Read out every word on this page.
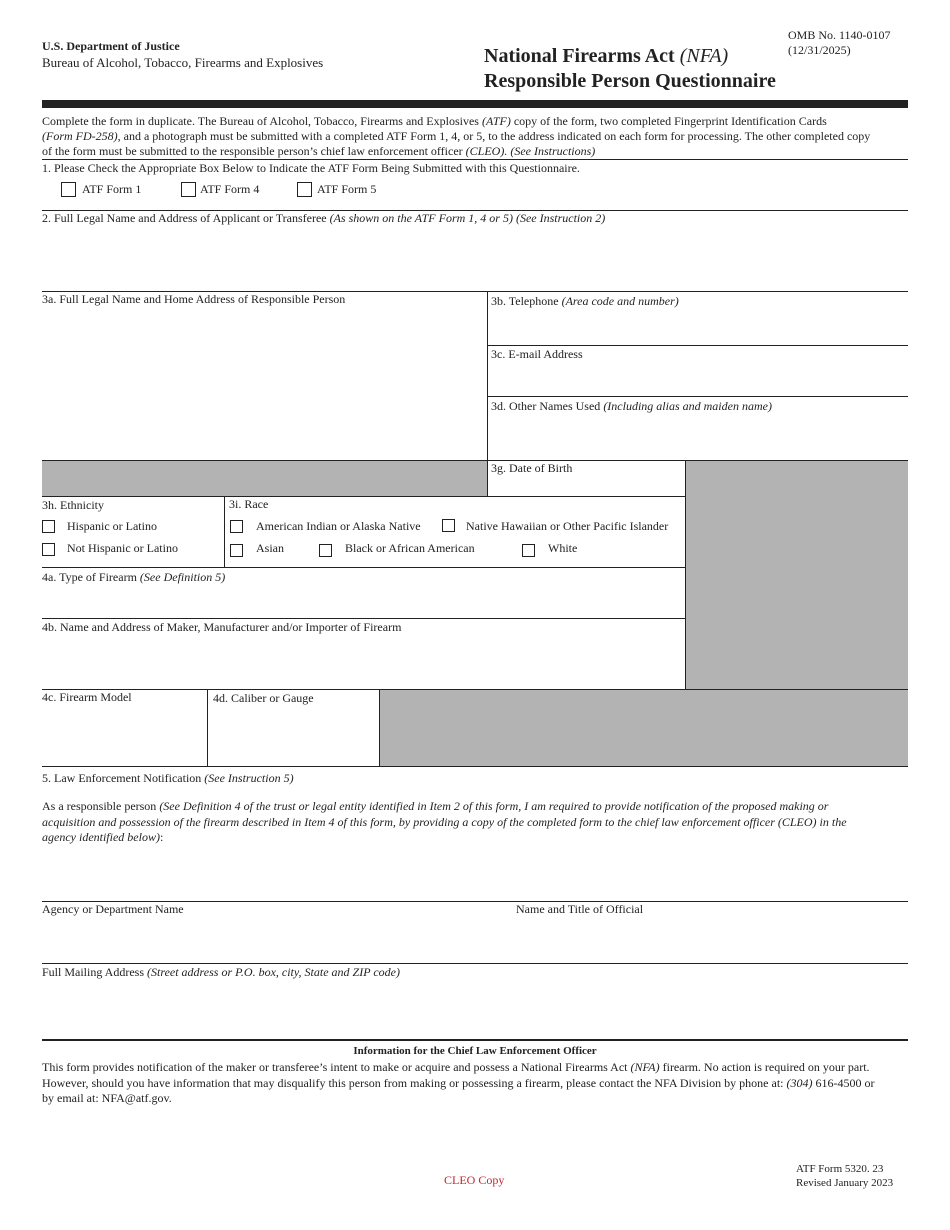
OMB No. 1140-0107 (12/31/2025)
U.S. Department of Justice
Bureau of Alcohol, Tobacco, Firearms and Explosives	National Firearms Act (NFA)
Responsible Person Questionnaire
Complete the form in duplicate. The Bureau of Alcohol, Tobacco, Firearms and Explosives (ATF) copy of the form, two completed Fingerprint Identification Cards
(Form FD-258), and a photograph must be submitted with a completed ATF Form 1, 4, or 5, to the address indicated on each form for processing. The other completed copy
of the form must be submitted to the responsible person’s chief law enforcement officer (CLEO). (See Instructions)
1. Please Check the Appropriate Box Below to Indicate the ATF Form Being Submitted with this Questionnaire.
ATF Form 1	ATF Form 4	ATF Form 5
2. Full Legal Name and Address of Applicant or Transferee (As shown on the ATF Form 1, 4 or 5) (See Instruction 2)
3a. Full Legal Name and Home Address of Responsible Person	3b. Telephone (Area code and number)
3c. E-mail Address
3d. Other Names Used (Including alias and maiden name)
3g. Date of Birth
3h. Ethnicity
Hispanic or Latino
Not Hispanic or Latino
3i. Race
American Indian or Alaska Native	Native Hawaiian or Other Pacific Islander
Asian	Black or African American	White
4a. Type of Firearm (See Definition 5)
4b. Name and Address of Maker, Manufacturer and/or Importer of Firearm
4c. Firearm Model	4d. Caliber or Gauge
5. Law Enforcement Notification (See Instruction 5)
As a responsible person (See Definition 4 of the trust or legal entity identified in Item 2 of this form, I am required to provide notification of the proposed making or acquisition and possession of the firearm described in Item 4 of this form, by providing a copy of the completed form to the chief law enforcement officer (CLEO) in the agency identified below):
Agency or Department Name	Name and Title of Official
Full Mailing Address (Street address or P.O. box, city, State and ZIP code)
Information for the Chief Law Enforcement Officer
This form provides notification of the maker or transferee’s intent to make or acquire and possess a National Firearms Act (NFA) firearm. No action is required on your part.
However, should you have information that may disqualify this person from making or possessing a firearm, please contact the NFA Division by phone at: (304) 616-4500 or
by email at: NFA@atf.gov.
CLEO Copy
ATF Form 5320. 23
Revised January 2023
